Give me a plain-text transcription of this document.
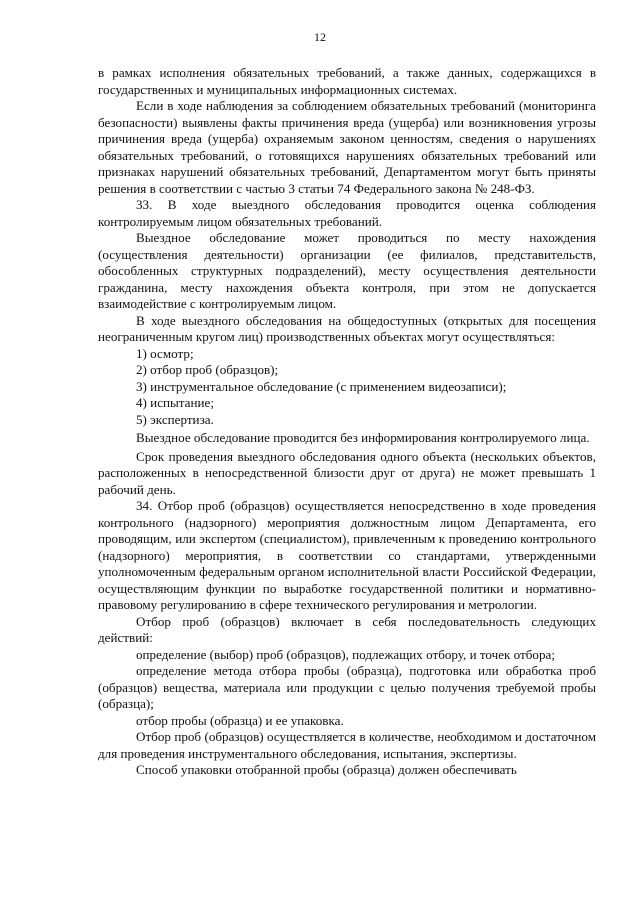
12

в рамках исполнения обязательных требований, а также данных, содержащихся в государственных и муниципальных информационных системах.

Если в ходе наблюдения за соблюдением обязательных требований (мониторинга безопасности) выявлены факты причинения вреда (ущерба) или возникновения угрозы причинения вреда (ущерба) охраняемым законом ценностям, сведения о нарушениях обязательных требований, о готовящихся нарушениях обязательных требований или признаках нарушений обязательных требований, Департаментом могут быть приняты решения в соответствии с частью 3 статьи 74 Федерального закона № 248-ФЗ.

33. В ходе выездного обследования проводится оценка соблюдения контролируемым лицом обязательных требований.

Выездное обследование может проводиться по месту нахождения (осуществления деятельности) организации (ее филиалов, представительств, обособленных структурных подразделений), месту осуществления деятельности гражданина, месту нахождения объекта контроля, при этом не допускается взаимодействие с контролируемым лицом.

В ходе выездного обследования на общедоступных (открытых для посещения неограниченным кругом лиц) производственных объектах могут осуществляться:

1) осмотр;

2) отбор проб (образцов);

3) инструментальное обследование (с применением видеозаписи);

4) испытание;

5) экспертиза.

Выездное обследование проводится без информирования контролируемого лица.

Срок проведения выездного обследования одного объекта (нескольких объектов, расположенных в непосредственной близости друг от друга) не может превышать 1 рабочий день.

34. Отбор проб (образцов) осуществляется непосредственно в ходе проведения контрольного (надзорного) мероприятия должностным лицом Департамента, его проводящим, или экспертом (специалистом), привлеченным к проведению контрольного (надзорного) мероприятия, в соответствии со стандартами, утвержденными уполномоченным федеральным органом исполнительной власти Российской Федерации, осуществляющим функции по выработке государственной политики и нормативно-правовому регулированию в сфере технического регулирования и метрологии.

Отбор проб (образцов) включает в себя последовательность следующих действий:

определение (выбор) проб (образцов), подлежащих отбору, и точек отбора;

определение метода отбора пробы (образца), подготовка или обработка проб (образцов) вещества, материала или продукции с целью получения требуемой пробы (образца);

отбор пробы (образца) и ее упаковка.

Отбор проб (образцов) осуществляется в количестве, необходимом и достаточном для проведения инструментального обследования, испытания, экспертизы.

Способ упаковки отобранной пробы (образца) должен обеспечивать
